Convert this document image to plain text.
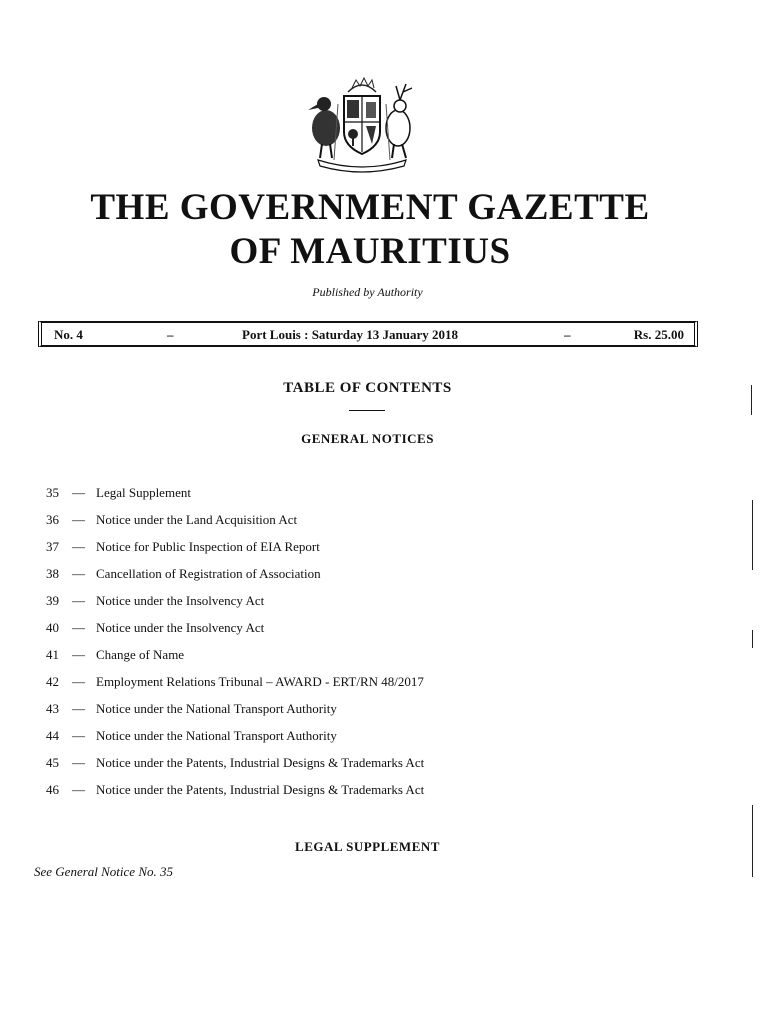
THE GOVERNMENT GAZETTE
OF MAURITIUS
Published by Authority
No. 4	–	Port Louis : Saturday 13 January 2018	–	Rs. 25.00
TABLE OF CONTENTS
GENERAL NOTICES
35 — Legal Supplement
36 — Notice under the Land Acquisition Act
37 — Notice for Public Inspection of EIA Report
38 — Cancellation of Registration of Association
39 — Notice under the Insolvency Act
40 — Notice under the Insolvency Act
41 — Change of Name
42 — Employment Relations Tribunal – AWARD - ERT/RN 48/2017
43 — Notice under the National Transport Authority
44 — Notice under the National Transport Authority
45 — Notice under the Patents, Industrial Designs & Trademarks Act
46 — Notice under the Patents, Industrial Designs & Trademarks Act
LEGAL SUPPLEMENT
See General Notice No. 35
